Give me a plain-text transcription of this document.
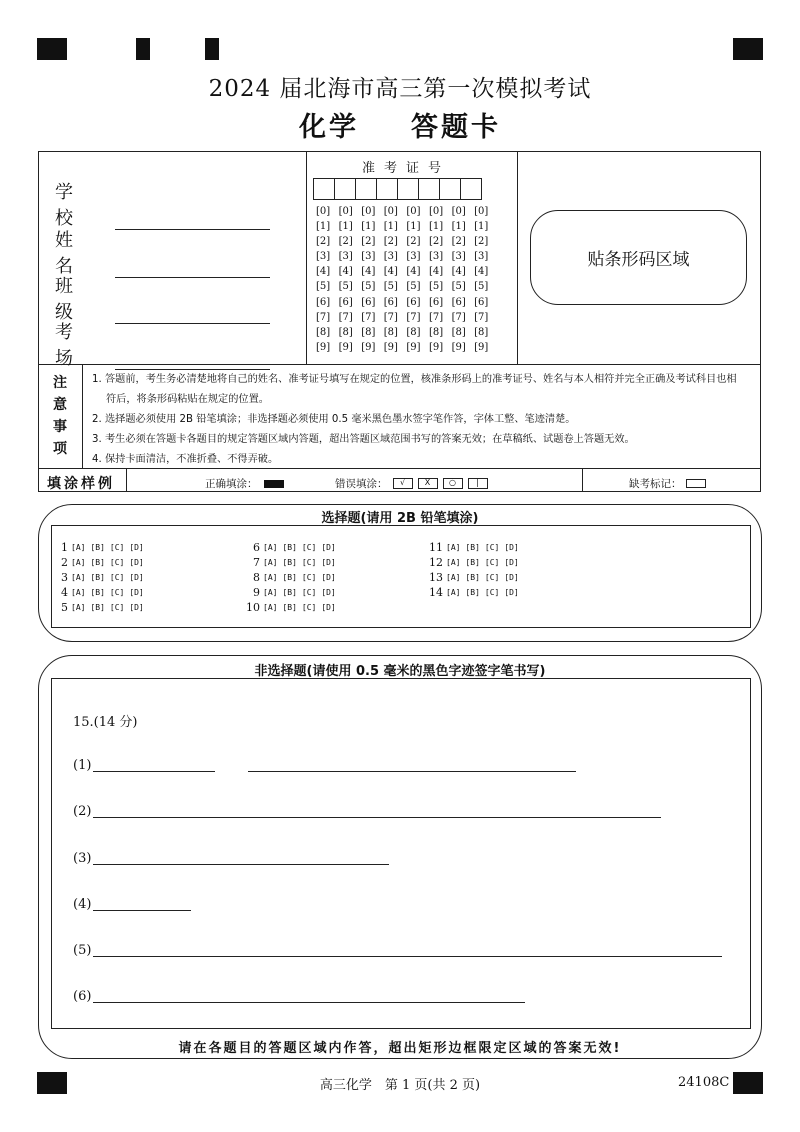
2024 届北海市高三第一次模拟考试
化学 答题卡
学校
姓名
班级
考场
准考证号
[0] [0] [0] [0] [0] [0] [0] [0]
[1] [1] [1] [1] [1] [1] [1] [1]
[2] [2] [2] [2] [2] [2] [2] [2]
[3] [3] [3] [3] [3] [3] [3] [3]
[4] [4] [4] [4] [4] [4] [4] [4]
[5] [5] [5] [5] [5] [5] [5] [5]
[6] [6] [6] [6] [6] [6] [6] [6]
[7] [7] [7] [7] [7] [7] [7] [7]
[8] [8] [8] [8] [8] [8] [8] [8]
[9] [9] [9] [9] [9] [9] [9] [9]
贴条形码区域
注
意
事
项

1. 答题前，考生务必清楚地将自己的姓名、准考证号填写在规定的位置，核准条形码上的准考证号、姓名与本人相符并完全正确及考试科目也相

符后，将条形码粘贴在规定的位置。

2. 选择题必须使用 2B 铅笔填涂；非选择题必须使用 0.5 毫米黑色墨水签字笔作答，字体工整、笔迹清楚。

3. 考生必须在答题卡各题目的规定答题区域内答题，超出答题区域范围书写的答案无效；在草稿纸、试题卷上答题无效。

4. 保持卡面清洁，不准折叠、不得弄破。

填涂样例	正确填涂：	错误填涂：	√	X	○	|	缺考标记：
选择题(请用 2B 铅笔填涂)
1 [A] [B] [C] [D]
2 [A] [B] [C] [D]
3 [A] [B] [C] [D]
4 [A] [B] [C] [D]
5 [A] [B] [C] [D]
6 [A] [B] [C] [D]
7 [A] [B] [C] [D]
8 [A] [B] [C] [D]
9 [A] [B] [C] [D]
10 [A] [B] [C] [D]
11 [A] [B] [C] [D]
12 [A] [B] [C] [D]
13 [A] [B] [C] [D]
14 [A] [B] [C] [D]
非选择题(请使用 0.5 毫米的黑色字迹签字笔书写)
15.(14 分)
(1)
(2)
(3)
(4)
(5)
(6)
请在各题目的答题区域内作答，超出矩形边框限定区域的答案无效!
高三化学　第 1 页(共 2 页)	24108C
